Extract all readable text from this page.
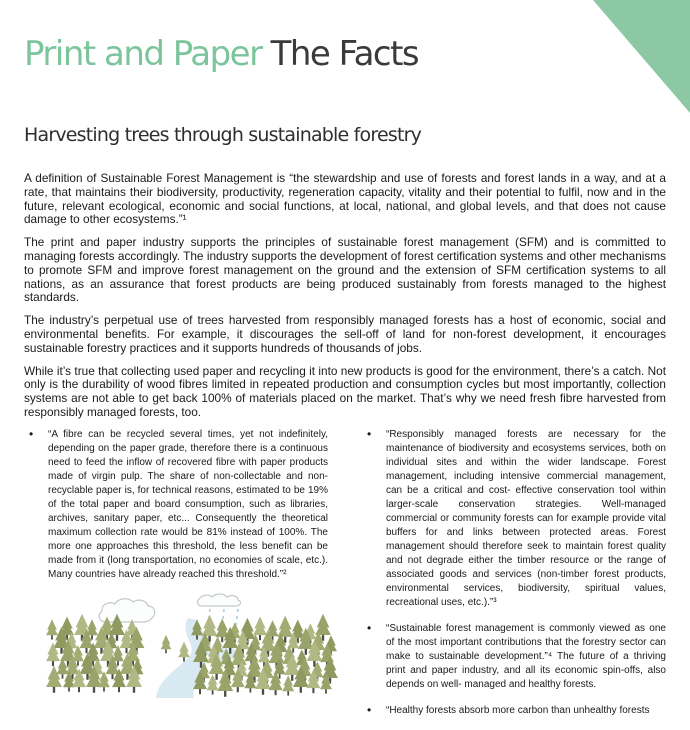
Print and Paper The Facts
Harvesting trees through sustainable forestry

A definition of Sustainable Forest Management is “the stewardship and use of forests and forest lands in a way, and at a rate, that maintains their biodiversity, productivity, regeneration capacity, vitality and their potential to fulfil, now and in the future, relevant ecological, economic and social functions, at local, national, and global levels, and that does not cause damage to other ecosystems.”¹

The print and paper industry supports the principles of sustainable forest management (SFM) and is committed to managing forests accordingly. The industry supports the development of forest certification systems and other mechanisms to promote SFM and improve forest management on the ground and the extension of SFM certification systems to all nations, as an assurance that forest products are being produced sustainably from forests managed to the highest standards.

The industry’s perpetual use of trees harvested from responsibly managed forests has a host of economic, social and environmental benefits. For example, it discourages the sell-off of land for non-forest development, it encourages sustainable forestry practices and it supports hundreds of thousands of jobs.

While it’s true that collecting used paper and recycling it into new products is good for the environment, there’s a catch. Not only is the durability of wood fibres limited in repeated production and consumption cycles but most importantly, collection systems are not able to get back 100% of materials placed on the market. That’s why we need fresh fibre harvested from responsibly managed forests, too.

• “A fibre can be recycled several times, yet not indefinitely, depending on the paper grade, therefore there is a continuous need to feed the inflow of recovered fibre with paper products made of virgin pulp. The share of non-collectable and non-recyclable paper is, for technical reasons, estimated to be 19% of the total paper and board consumption, such as libraries, archives, sanitary paper, etc... Consequently the theoretical maximum collection rate would be 81% instead of 100%. The more one approaches this threshold, the less benefit can be made from it (long transportation, no economies of scale, etc.). Many countries have already reached this threshold.”²
• “Responsibly managed forests are necessary for the maintenance of biodiversity and ecosystems services, both on individual sites and within the wider landscape. Forest management, including intensive commercial management, can be a critical and cost- effective conservation tool within larger-scale conservation strategies. Well-managed commercial or community forests can for example provide vital buffers for and links between protected areas. Forest management should therefore seek to maintain forest quality and not degrade either the timber resource or the range of associated goods and services (non-timber forest products, environmental services, biodiversity, spiritual values, recreational uses, etc.).”³
• “Sustainable forest management is commonly viewed as one of the most important contributions that the forestry sector can make to sustainable development.”⁴ The future of a thriving print and paper industry, and all its economic spin-offs, also depends on well- managed and healthy forests.
• “Healthy forests absorb more carbon than unhealthy forests
